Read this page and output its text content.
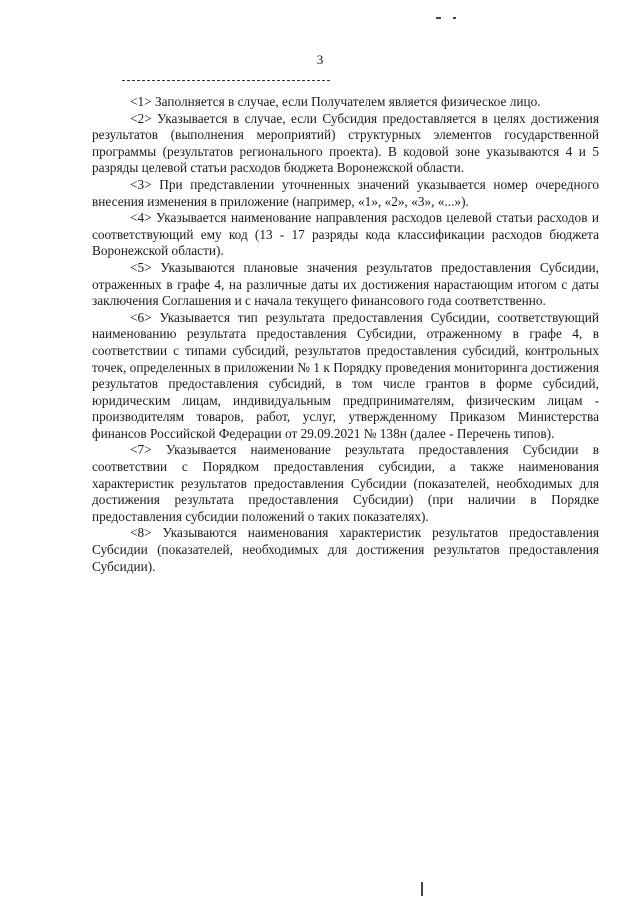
3

<1> Заполняется в случае, если Получателем является физическое лицо.

<2> Указывается в случае, если Субсидия предоставляется в целях достижения результатов (выполнения мероприятий) структурных элементов государственной программы (результатов регионального проекта). В кодовой зоне указываются 4 и 5 разряды целевой статьи расходов бюджета Воронежской области.

<3> При представлении уточненных значений указывается номер очередного внесения изменения в приложение (например, «1», «2», «3», «...»).

<4> Указывается наименование направления расходов целевой статьи расходов и соответствующий ему код (13 - 17 разряды кода классификации расходов бюджета Воронежской области).

<5> Указываются плановые значения результатов предоставления Субсидии, отраженных в графе 4, на различные даты их достижения нарастающим итогом с даты заключения Соглашения и с начала текущего финансового года соответственно.

<6> Указывается тип результата предоставления Субсидии, соответствующий наименованию результата предоставления Субсидии, отраженному в графе 4, в соответствии с типами субсидий, результатов предоставления субсидий, контрольных точек, определенных в приложении № 1 к Порядку проведения мониторинга достижения результатов предоставления субсидий, в том числе грантов в форме субсидий, юридическим лицам, индивидуальным предпринимателям, физическим лицам - производителям товаров, работ, услуг, утвержденному Приказом Министерства финансов Российской Федерации от 29.09.2021 № 138н (далее - Перечень типов).

<7> Указывается наименование результата предоставления Субсидии в соответствии с Порядком предоставления субсидии, а также наименования характеристик результатов предоставления Субсидии (показателей, необходимых для достижения результата предоставления Субсидии) (при наличии в Порядке предоставления субсидии положений о таких показателях).

<8> Указываются наименования характеристик результатов предоставления Субсидии (показателей, необходимых для достижения результатов предоставления Субсидии).
